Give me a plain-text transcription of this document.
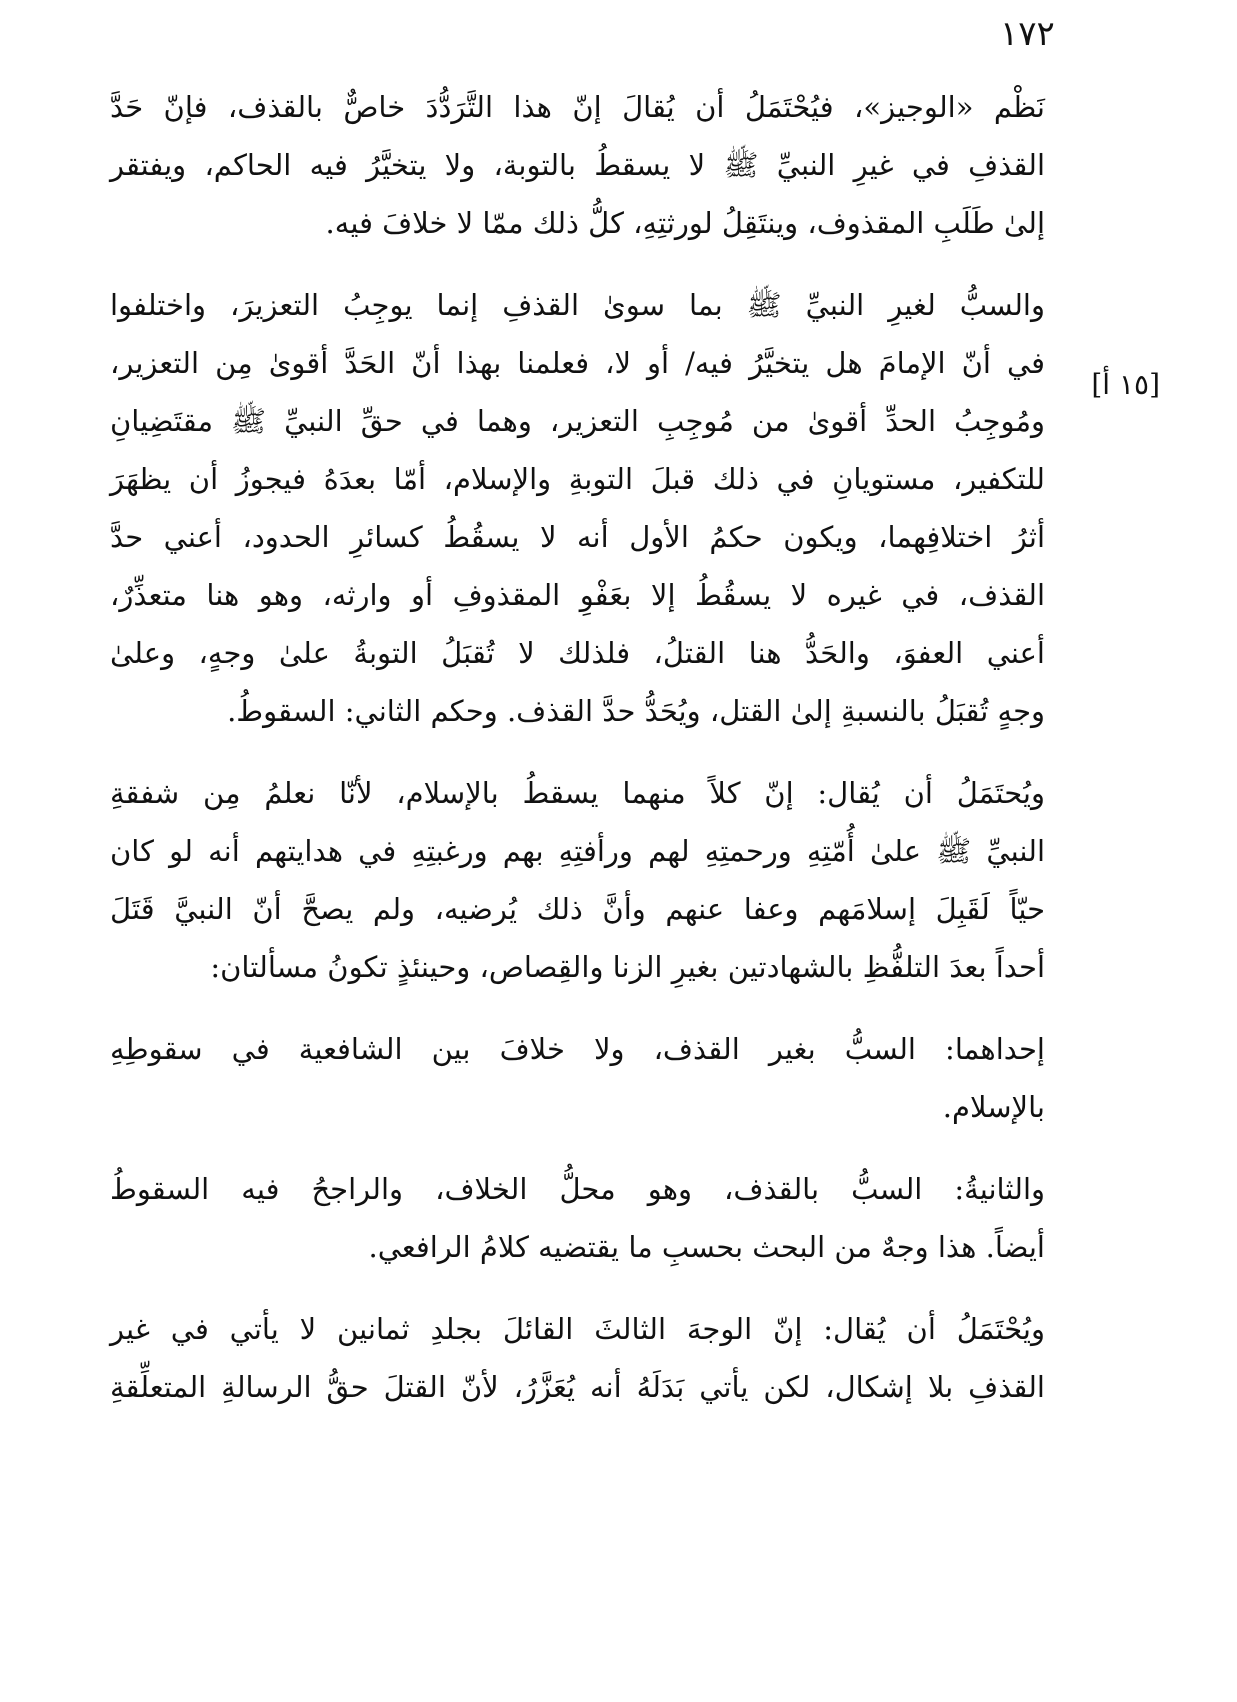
١٧٢
[١٥ أ]
نَظْم «الوجيز»، فيُحْتَمَلُ أن يُقالَ إنّ هذا التَّرَدُّدَ خاصٌّ بالقذف، فإنّ حَدَّ
القذفِ في غيرِ النبيِّ ﷺ لا يسقطُ بالتوبة، ولا يتخيَّرُ فيه الحاكم، ويفتقر
إلىٰ طَلَبِ المقذوف، وينتَقِلُ لورثتِهِ، كلُّ ذلك ممّا لا خلافَ فيه.
والسبُّ لغيرِ النبيِّ ﷺ بما سوىٰ القذفِ إنما يوجِبُ التعزيرَ، واختلفوا
في أنّ الإمامَ هل يتخيَّرُ فيه/ أو لا، فعلمنا بهذا أنّ الحَدَّ أقوىٰ مِن التعزير،
ومُوجِبُ الحدِّ أقوىٰ من مُوجِبِ التعزير، وهما في حقِّ النبيِّ ﷺ مقتَضِيانِ
للتكفير، مستويانِ في ذلك قبلَ التوبةِ والإسلام، أمّا بعدَهُ فيجوزُ أن يظهَرَ
أثرُ اختلافِهما، ويكون حكمُ الأول أنه لا يسقُطُ كسائرِ الحدود، أعني حدَّ
القذف، في غيره لا يسقُطُ إلا بعَفْوِ المقذوفِ أو وارثه، وهو هنا متعذِّرٌ،
أعني العفوَ، والحَدُّ هنا القتلُ، فلذلك لا تُقبَلُ التوبةُ علىٰ وجهٍ، وعلىٰ
وجهٍ تُقبَلُ بالنسبةِ إلىٰ القتل، ويُحَدُّ حدَّ القذف. وحكم الثاني: السقوطُ.
ويُحتَمَلُ أن يُقال: إنّ كلاً منهما يسقطُ بالإسلام، لأنّا نعلمُ مِن شفقةِ
النبيِّ ﷺ علىٰ أُمّتِهِ ورحمتِهِ لهم ورأفتِهِ بهم ورغبتِهِ في هدايتهم أنه لو كان
حيّاً لَقَبِلَ إسلامَهم وعفا عنهم وأنَّ ذلك يُرضيه، ولم يصحَّ أنّ النبيَّ قَتَلَ
أحداً بعدَ التلفُّظِ بالشهادتين بغيرِ الزنا والقِصاص، وحينئذٍ تكونُ مسألتان:
إحداهما: السبُّ بغير القذف، ولا خلافَ بين الشافعية في سقوطِهِ
بالإسلام.
والثانيةُ: السبُّ بالقذف، وهو محلُّ الخلاف، والراجحُ فيه السقوطُ
أيضاً. هذا وجهٌ من البحث بحسبِ ما يقتضيه كلامُ الرافعي.
ويُحْتَمَلُ أن يُقال: إنّ الوجهَ الثالثَ القائلَ بجلدِ ثمانين لا يأتي في غير
القذفِ بلا إشكال، لكن يأتي بَدَلَهُ أنه يُعَزَّرُ، لأنّ القتلَ حقُّ الرسالةِ المتعلِّقةِ
